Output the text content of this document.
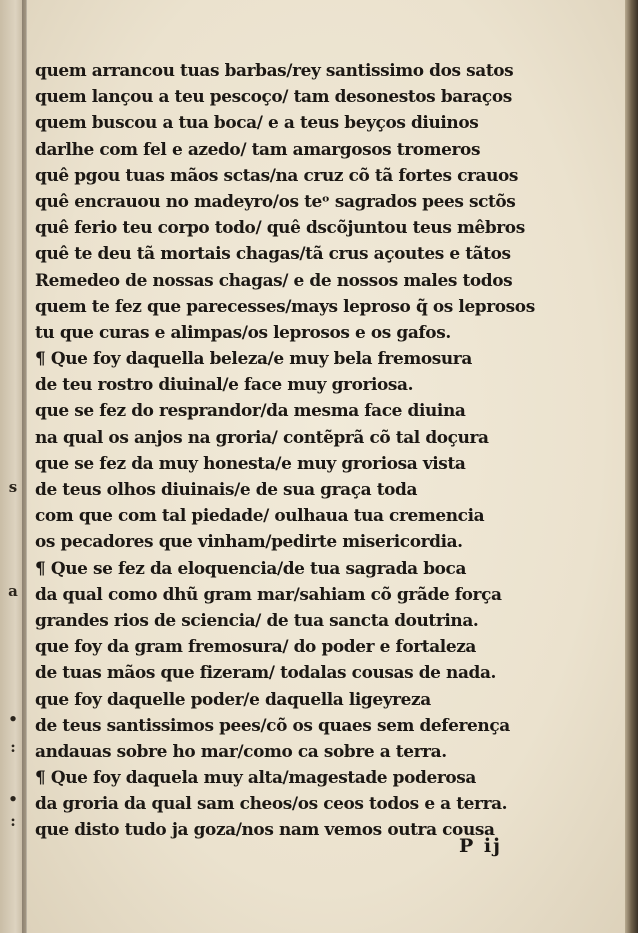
s
a
•
:
•
:
quem arrancou tuas barbas/rey santissimo dos satos
quem lançou a teu pescoço/ tam desonestos baraços
quem buscou a tua boca/ e a teus beyços diuinos
darlhe com fel e azedo/ tam amargosos tromeros
quê pgou tuas mãos sctas/na cruz cõ tã fortes crauos
quê encrauou no madeyro/os teᵒ sagrados pees sctõs
quê ferio teu corpo todo/ quê dscõjuntou teus mêbros
quê te deu tã mortais chagas/tã crus açoutes e tãtos
Remedeo de nossas chagas/ e de nossos males todos
quem te fez que parecesses/mays leproso q̃ os leprosos
tu que curas e alimpas/os leprosos e os gafos.
¶ Que foy daquella beleza/e muy bela fremosura
de teu rostro diuinal/e face muy groriosa.
que se fez do resprandor/da mesma face diuina
na qual os anjos na groria/ contẽprã cõ tal doçura
que se fez da muy honesta/e muy groriosa vista
de teus olhos diuinais/e de sua graça toda
com que com tal piedade/ oulhaua tua cremencia
os pecadores que vinham/pedirte misericordia.
¶ Que se fez da eloquencia/de tua sagrada boca
da qual como dhũ gram mar/sahiam cõ grãde força
grandes rios de sciencia/ de tua sancta doutrina.
que foy da gram fremosura/ do poder e fortaleza
de tuas mãos que fizeram/ todalas cousas de nada.
que foy daquelle poder/e daquella ligeyreza
de teus santissimos pees/cõ os quaes sem deferença
andauas sobre ho mar/como ca sobre a terra.
¶ Que foy daquela muy alta/magestade poderosa
da groria da qual sam cheos/os ceos todos e a terra.
que disto tudo ja goza/nos nam vemos outra cousa
P ij
